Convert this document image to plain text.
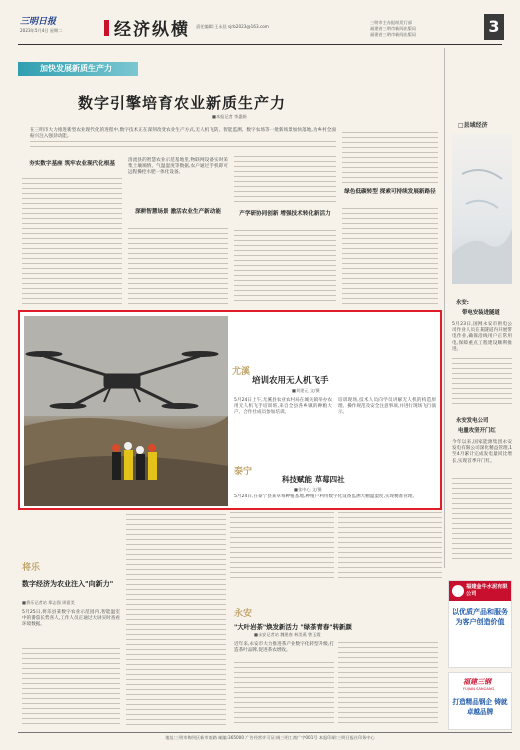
三明日报
2023年5月4日 星期二	经济纵横 责任编辑:王永佳 sjrb2023@163.com
三明市主办报纸发行部
福建省三明市新闻出版局
福建省三明市新闻出版局	3
加快发展新质生产力
数字引擎培育农业新质生产力
■本报记者 李惠娟
在三明市大力推进新型农业现代化的进程中,数字技术正在深刻改变农业生产方式,无人机飞防、智能监测、数字农场等一批新场景加快落地,为乡村全面振兴注入强劲动能。
夯实数字基座 筑牢农业现代化根基
深耕智慧场景 激活农业生产新动能
清流县的智慧农业示范基地里,物联网设备实时采集土壤墒情、气温湿度等数据,农户通过手机即可远程操控水肥一体化设备。
产学研协同创新 增强技术转化新活力
绿色低碳转型 探索可持续发展新路径
□县域经济
永安:
带电安装进隧道
5月23日,国网永安市供电公司作业人员在某隧道内开展带电作业,确保沿线用户正常用电,保障重点工程建设顺利推进。
永安发电公司
电量攻坚开门红
今年以来,国家能源集团永安发电有限公司深化精益管理,1至4月累计完成发电量同比增长,实现首季开门红。
尤溪
培训农用无人机飞手
■刘建元 文/摄
5月24日上午,尤溪县农业农村局在城关镇举办农用无人机飞手培训班,来自全县各乡镇的种粮大户、合作社成员参加培训。
培训现场,技术人员向学员讲解无人机的构造原理、操作规范及安全注意事项,并进行现场飞行演示。
泰宁
科技赋能 草莓四社
■张中心 文/摄
5月24日,在泰宁县某草莓种植基地,种植户利用数字化设备监测大棚温湿度,实现精准管理。
将乐
数字经济为农业注入"向新力"
■将乐记者站 郑志强 周嘉美
5月25日,将乐县某数字农业示范园内,智能温室中的番茄长势喜人,工作人员正通过大屏实时查看环境数据。
永安
"大叶岩茶"焕发新活力 "绿茶青春"转新颜
■永安记者站 魏建春 林美燕 曾玉霞
近年来,永安市大力推进茶产业数字化转型升级,打造茶叶品牌,促进茶农增收。
福建金牛水泥有限公司
以优质产品和服务 为客户创造价值
福建三钢
FUJIAN SANGANG
打造精品钢企 铸就卓越品牌
地址:三明市梅列区新市南路 邮编:365000 广告经营许可证:闽三明工商广字001号 本报印刷:三明日报社印务中心
